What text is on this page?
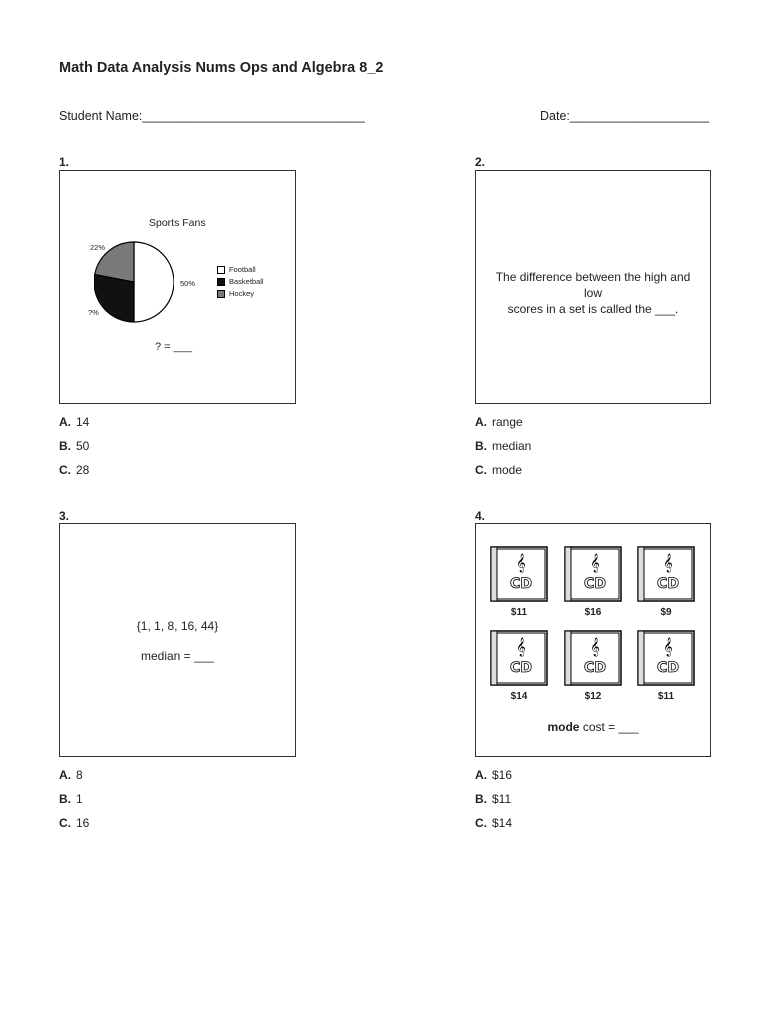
Math Data Analysis Nums Ops and Algebra 8_2
Student Name:________________________________	Date:____________________
1.
Sports Fans
22%
50%
?%
Football
Basketball
Hockey
? = ___
A. 14
B. 50
C. 28
2.
The difference between the high and low
scores in a set is called the ___.
A. range
B. median
C. mode
3.
{1, 1, 8, 16, 44}
median = ___
A. 8
B. 1
C. 16
4.
𝄞
CD
$11
𝄞
CD
$16
𝄞
CD
$9
𝄞
CD
$14
𝄞
CD
$12
𝄞
CD
$11
mode cost = ___
A. $16
B. $11
C. $14
